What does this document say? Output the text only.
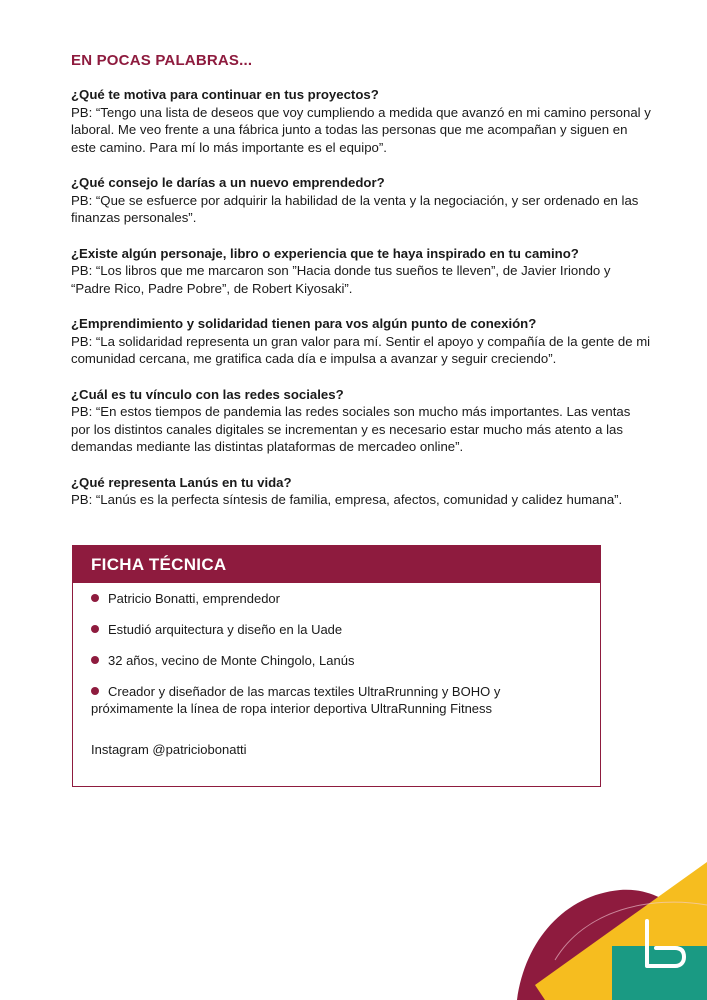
EN POCAS PALABRAS...
¿Qué te motiva para continuar en tus proyectos?
PB: “Tengo una lista de deseos que voy cumpliendo a medida que avanzó en mi camino personal y laboral. Me veo frente a una fábrica junto a todas las personas que me acompañan y siguen en este camino. Para mí lo más importante es el equipo”.
¿Qué consejo le darías a un nuevo emprendedor?
PB: “Que se esfuerce por adquirir la habilidad de la venta y la negociación, y ser ordenado en las finanzas personales”.
¿Existe algún personaje, libro o experiencia que te haya inspirado en tu camino?
PB: “Los libros que me marcaron son ”Hacia donde tus sueños te lleven”, de Javier Iriondo y “Padre Rico, Padre Pobre”, de Robert Kiyosaki”.
¿Emprendimiento y solidaridad tienen para vos algún punto de conexión?
PB: “La solidaridad representa un gran valor para mí. Sentir el apoyo y compañía de la gente de mi comunidad cercana, me gratifica cada día e impulsa a avanzar y seguir creciendo”.
¿Cuál es tu vínculo con las redes sociales?
PB: “En estos tiempos de pandemia las redes sociales son mucho más importantes. Las ventas por los distintos canales digitales se incrementan y es necesario estar mucho más atento a las demandas mediante las distintas plataformas de mercadeo online”.
¿Qué representa Lanús en tu vida?
PB: “Lanús es la perfecta síntesis de familia, empresa, afectos, comunidad y calidez humana”.
FICHA TÉCNICA
Patricio Bonatti, emprendedor
Estudió arquitectura y diseño en la Uade
32 años, vecino de Monte Chingolo, Lanús
Creador y diseñador de las marcas textiles UltraRrunning y BOHO y próximamente la línea de ropa interior deportiva UltraRunning Fitness
Instagram @patriciobonatti
